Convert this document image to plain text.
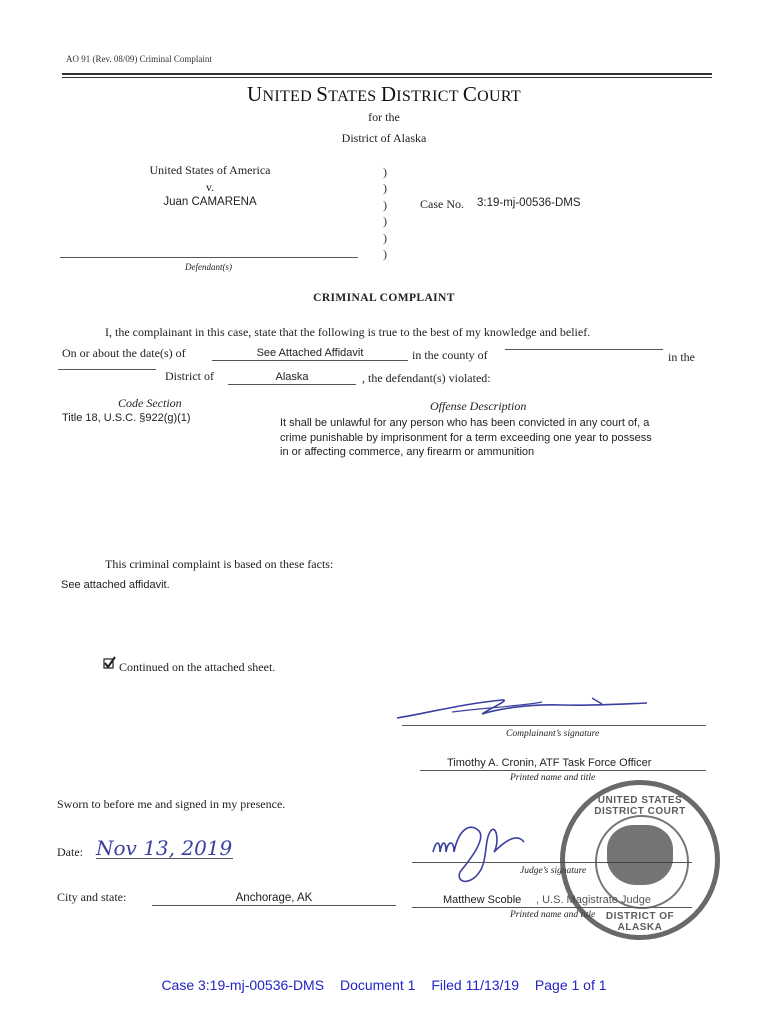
AO 91 (Rev. 08/09) Criminal Complaint
UNITED STATES DISTRICT COURT
for the
District of Alaska
United States of America
v.
Juan CAMARENA
Defendant(s)
)
)
)
)
)
)
Case No. 3:19-mj-00536-DMS
CRIMINAL COMPLAINT
I, the complainant in this case, state that the following is true to the best of my knowledge and belief.
On or about the date(s) of	See Attached Affidavit	in the county of	in the
District of	Alaska	, the defendant(s) violated:
Code Section	Offense Description
Title 18, U.S.C. §922(g)(1)	It shall be unlawful for any person who has been convicted in any court of, a
crime punishable by imprisonment for a term exceeding one year to possess
in or affecting commerce, any firearm or ammunition
This criminal complaint is based on these facts:
See attached affidavit.
Continued on the attached sheet.
Complainant’s signature
Timothy A. Cronin, ATF Task Force Officer
Printed name and title
Sworn to before me and signed in my presence.
Date: Nov 13, 2019
Judge’s signature
City and state:	Anchorage, AK	Matthew Scoble , U.S. Magistrate Judge
Printed name and title
UNITED STATES DISTRICT COURT
DISTRICT OF ALASKA
Case 3:19-mj-00536-DMS Document 1 Filed 11/13/19 Page 1 of 1
